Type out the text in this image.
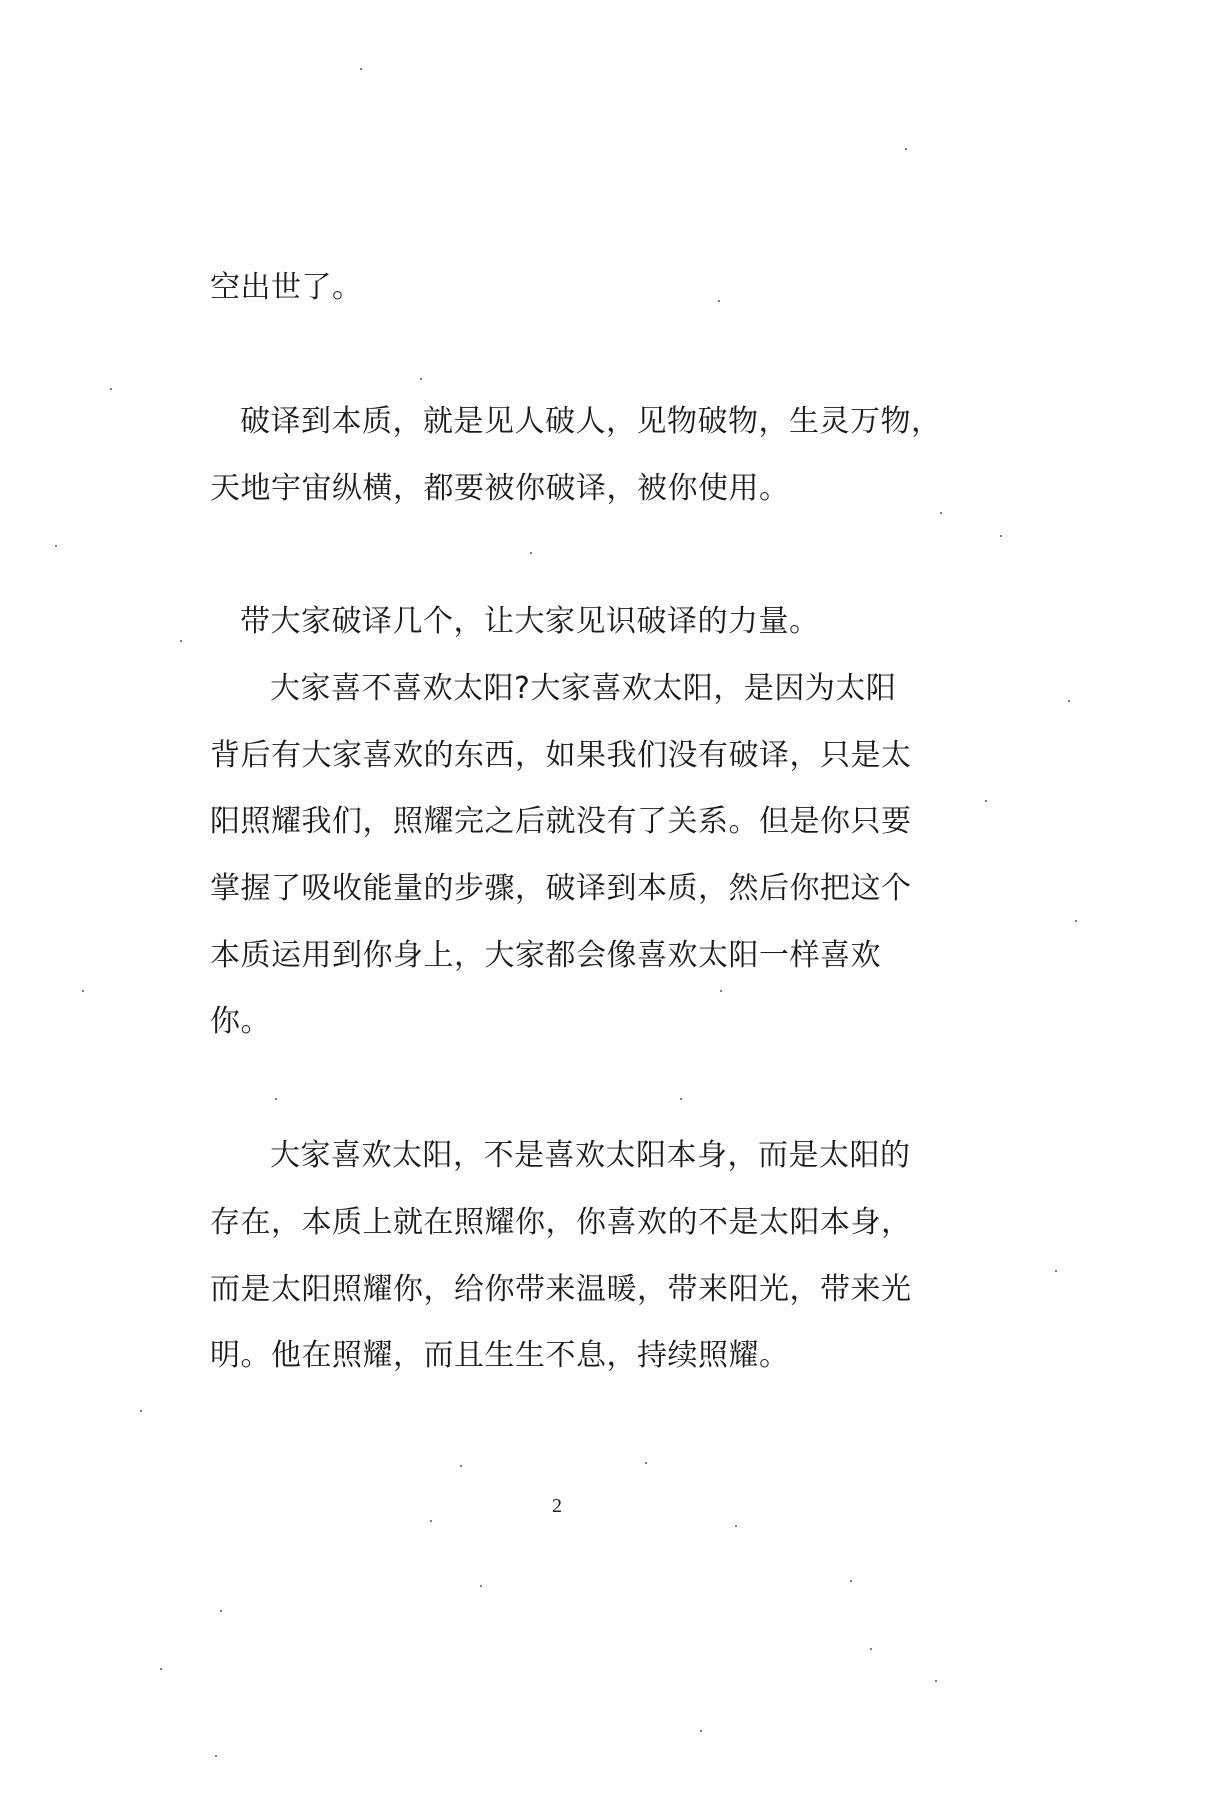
空出世了。
破译到本质，就是见人破人，见物破物，生灵万物，
天地宇宙纵横，都要被你破译，被你使用。
带大家破译几个，让大家见识破译的力量。
大家喜不喜欢太阳?大家喜欢太阳，是因为太阳
背后有大家喜欢的东西，如果我们没有破译，只是太
阳照耀我们，照耀完之后就没有了关系。但是你只要
掌握了吸收能量的步骤，破译到本质，然后你把这个
本质运用到你身上，大家都会像喜欢太阳一样喜欢
你。
大家喜欢太阳，不是喜欢太阳本身，而是太阳的
存在，本质上就在照耀你，你喜欢的不是太阳本身，
而是太阳照耀你，给你带来温暖，带来阳光，带来光
明。他在照耀，而且生生不息，持续照耀。
2
